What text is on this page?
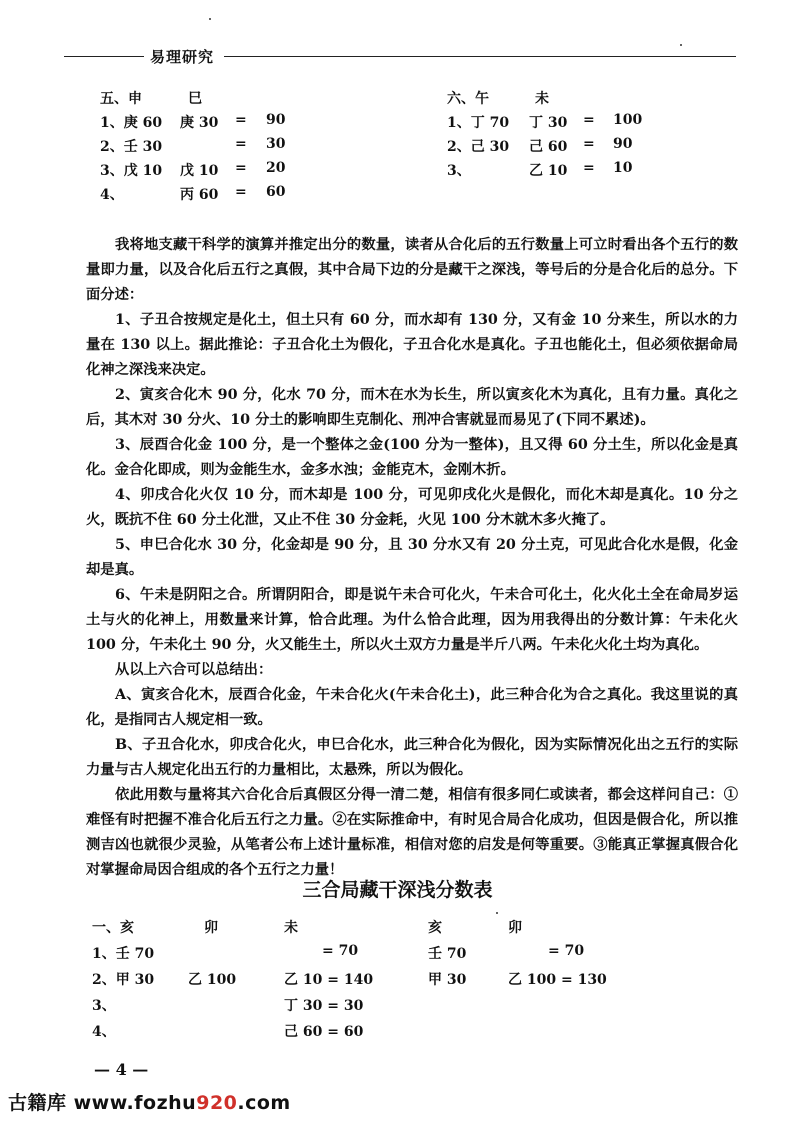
易理研究
五、申	巳
1、庚 60 庚 30 = 90
2、壬 30	= 30
3、戊 10 戊 10 = 20
4、	丙 60 = 60
六、午	未
1、丁 70 丁 30 = 100
2、己 30 己 60 = 90
3、	乙 10 = 10

我将地支藏干科学的演算并推定出分的数量，读者从合化后的五行数量上可立时看出各个五行的数量即力量，以及合化后五行之真假，其中合局下边的分是藏干之深浅，等号后的分是合化后的总分。下面分述：

1、子丑合按规定是化土，但土只有 60 分，而水却有 130 分，又有金 10 分来生，所以水的力量在 130 以上。据此推论：子丑合化土为假化，子丑合化水是真化。子丑也能化土，但必须依据命局化神之深浅来决定。

2、寅亥合化木 90 分，化水 70 分，而木在水为长生，所以寅亥化木为真化，且有力量。真化之后，其木对 30 分火、10 分土的影响即生克制化、刑冲合害就显而易见了(下同不累述)。

3、辰酉合化金 100 分，是一个整体之金(100 分为一整体)，且又得 60 分土生，所以化金是真化。金合化即成，则为金能生水，金多水浊；金能克木，金刚木折。

4、卯戌合化火仅 10 分，而木却是 100 分，可见卯戌化火是假化，而化木却是真化。10 分之火，既抗不住 60 分土化泄，又止不住 30 分金耗，火见 100 分木就木多火掩了。

5、申巳合化水 30 分，化金却是 90 分，且 30 分水又有 20 分土克，可见此合化水是假，化金却是真。

6、午未是阴阳之合。所谓阴阳合，即是说午未合可化火，午未合可化土，化火化土全在命局岁运土与火的化神上，用数量来计算，恰合此理。为什么恰合此理，因为用我得出的分数计算：午未化火 100 分，午未化土 90 分，火又能生土，所以火土双方力量是半斤八两。午未化火化土均为真化。

从以上六合可以总结出：

A、寅亥合化木，辰酉合化金，午未合化火(午未合化土)，此三种合化为合之真化。我这里说的真化，是指同古人规定相一致。

B、子丑合化水，卯戌合化火，申巳合化水，此三种合化为假化，因为实际情况化出之五行的实际力量与古人规定化出五行的力量相比，太悬殊，所以为假化。

依此用数与量将其六合化合后真假区分得一清二楚，相信有很多同仁或读者，都会这样问自己：①难怪有时把握不准合化后五行之力量。②在实际推命中，有时见合局合化成功，但因是假合化，所以推测吉凶也就很少灵验，从笔者公布上述计量标准，相信对您的启发是何等重要。③能真正掌握真假合化对掌握命局因合组成的各个五行之力量！

三合局藏干深浅分数表
一、亥	卯	未	亥	卯
1、壬 70	= 70	壬 70	= 70
2、甲 30 乙 100	乙 10 = 140	甲 30	乙 100 = 130
3、	丁 30 = 30
4、	己 60 = 60
— 4 —
古籍库 www.fozhu920.com
